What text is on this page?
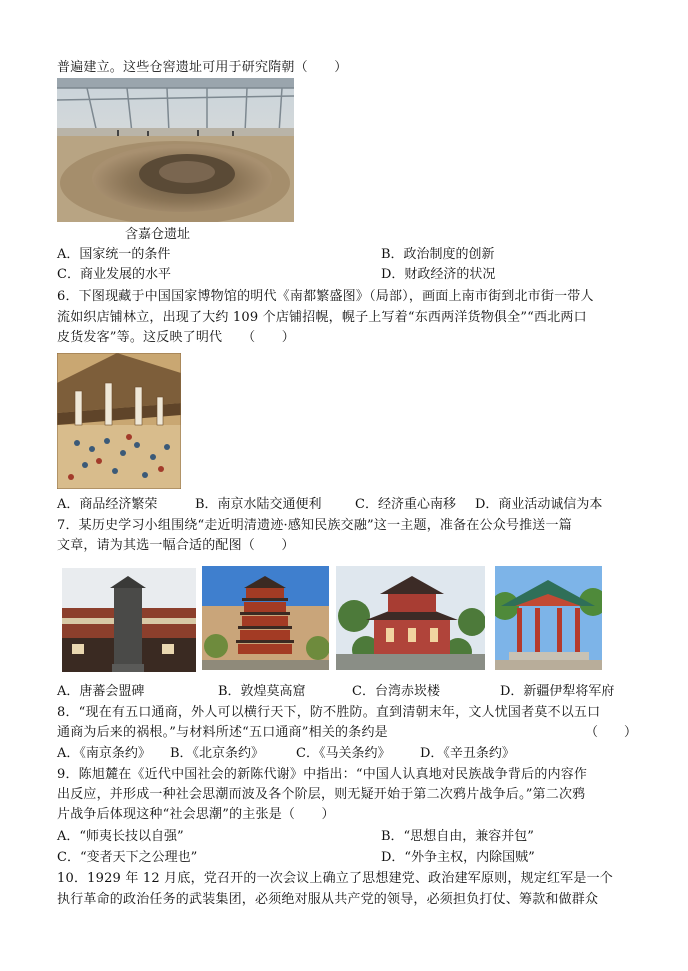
普遍建立。这些仓窖遗址可用于研究隋朝（　　）
含嘉仓遗址
A．国家统一的条件	B．政治制度的创新
C．商业发展的水平	D．财政经济的状况
6．下图现藏于中国国家博物馆的明代《南都繁盛图》（局部），画面上南市街到北市街一带人
流如织店铺林立，出现了大约 109 个店铺招幌，幌子上写着“东西两洋货物俱全”“西北两口
皮货发客”等。这反映了明代　　（　　）
A．商品经济繁荣	B．南京水陆交通便利	C．经济重心南移 D．商业活动诚信为本
7．某历史学习小组围绕“走近明清遗迹·感知民族交融”这一主题，准备在公众号推送一篇
文章，请为其选一幅合适的配图（　　）
A．唐蕃会盟碑	B．敦煌莫高窟	C．台湾赤崁楼	D．新疆伊犁将军府
8．“现在有五口通商，外人可以横行天下，防不胜防。直到清朝末年，文人忧国者莫不以五口
通商为后来的祸根。”与材料所述“五口通商”相关的条约是	（　　）
A．《南京条约》 B．《北京条约》 C．《马关条约》 D．《辛丑条约》
9．陈旭麓在《近代中国社会的新陈代谢》中指出：“中国人认真地对民族战争背后的内容作
出反应，并形成一种社会思潮而波及各个阶层，则无疑开始于第二次鸦片战争后。”第二次鸦
片战争后体现这种“社会思潮”的主张是（　　）
A．“师夷长技以自强”	B．“思想自由，兼容并包”
C．“变者天下之公理也”	D．“外争主权，内除国贼”
10．1929 年 12 月底，党召开的一次会议上确立了思想建党、政治建军原则，规定红军是一个
执行革命的政治任务的武装集团，必须绝对服从共产党的领导，必须担负打仗、筹款和做群众
